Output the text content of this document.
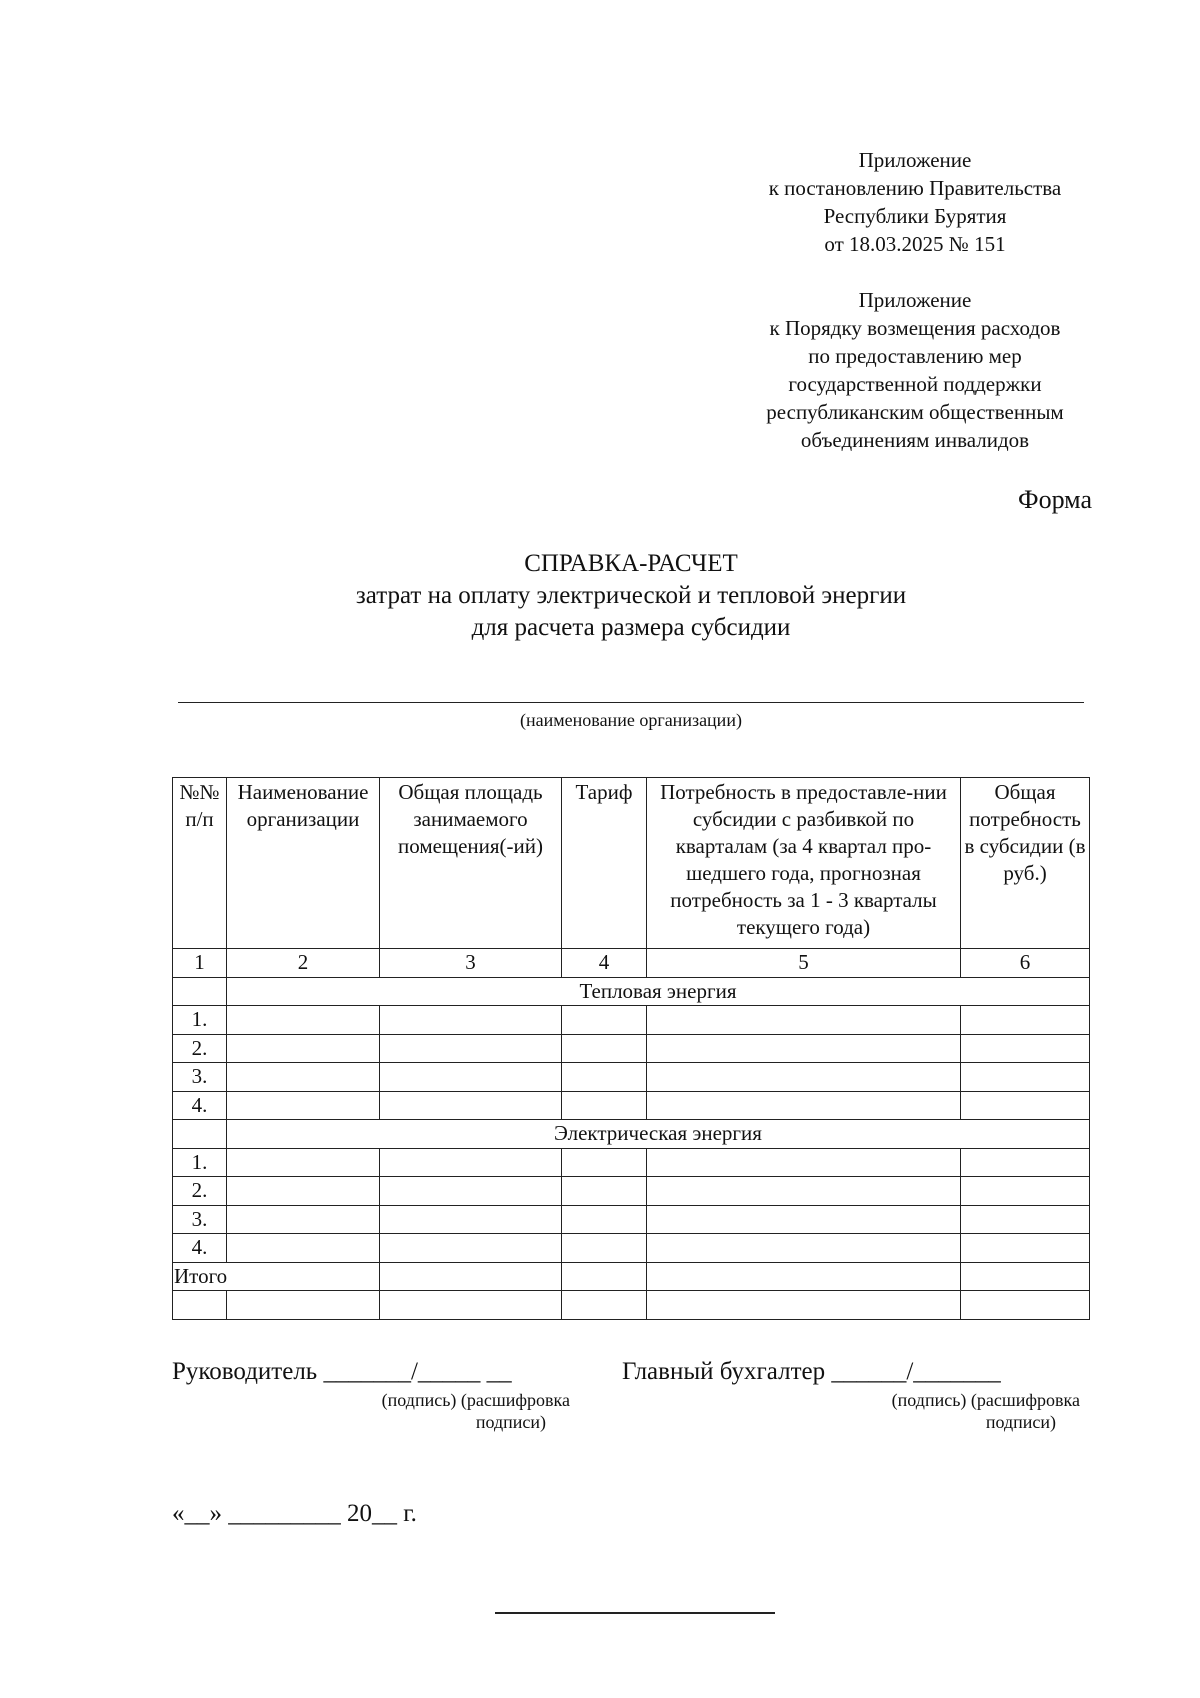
Приложение
к постановлению Правительства
Республики Бурятия
от 18.03.2025 № 151
Приложение
к Порядку возмещения расходов
по предоставлению мер
государственной поддержки
республиканским общественным
объединениям инвалидов
Форма
СПРАВКА-РАСЧЕТ
затрат на оплату электрической и тепловой энергии
для расчета размера субсидии
(наименование организации)
№№ п/п	Наименование организации	Общая площадь занимаемого помещения(-ий)	Тариф	Потребность в предоставле-нии субсидии с разбивкой по кварталам (за 4 квартал про-шедшего года, прогнозная потребность за 1 - 3 кварталы текущего года)	Общая потребность в субсидии (в руб.)
1	2	3	4	5	6
	Тепловая энергия				
1.					
2.					
3.					
4.					
	Электрическая энергия				
1.					
2.					
3.					
4.					
Итого					

Руководитель _______/_____ __
(подпись) (расшифровка
подписи)
Главный бухгалтер ______/_______
(подпись) (расшифровка
подписи)
«__» _________ 20__ г.
